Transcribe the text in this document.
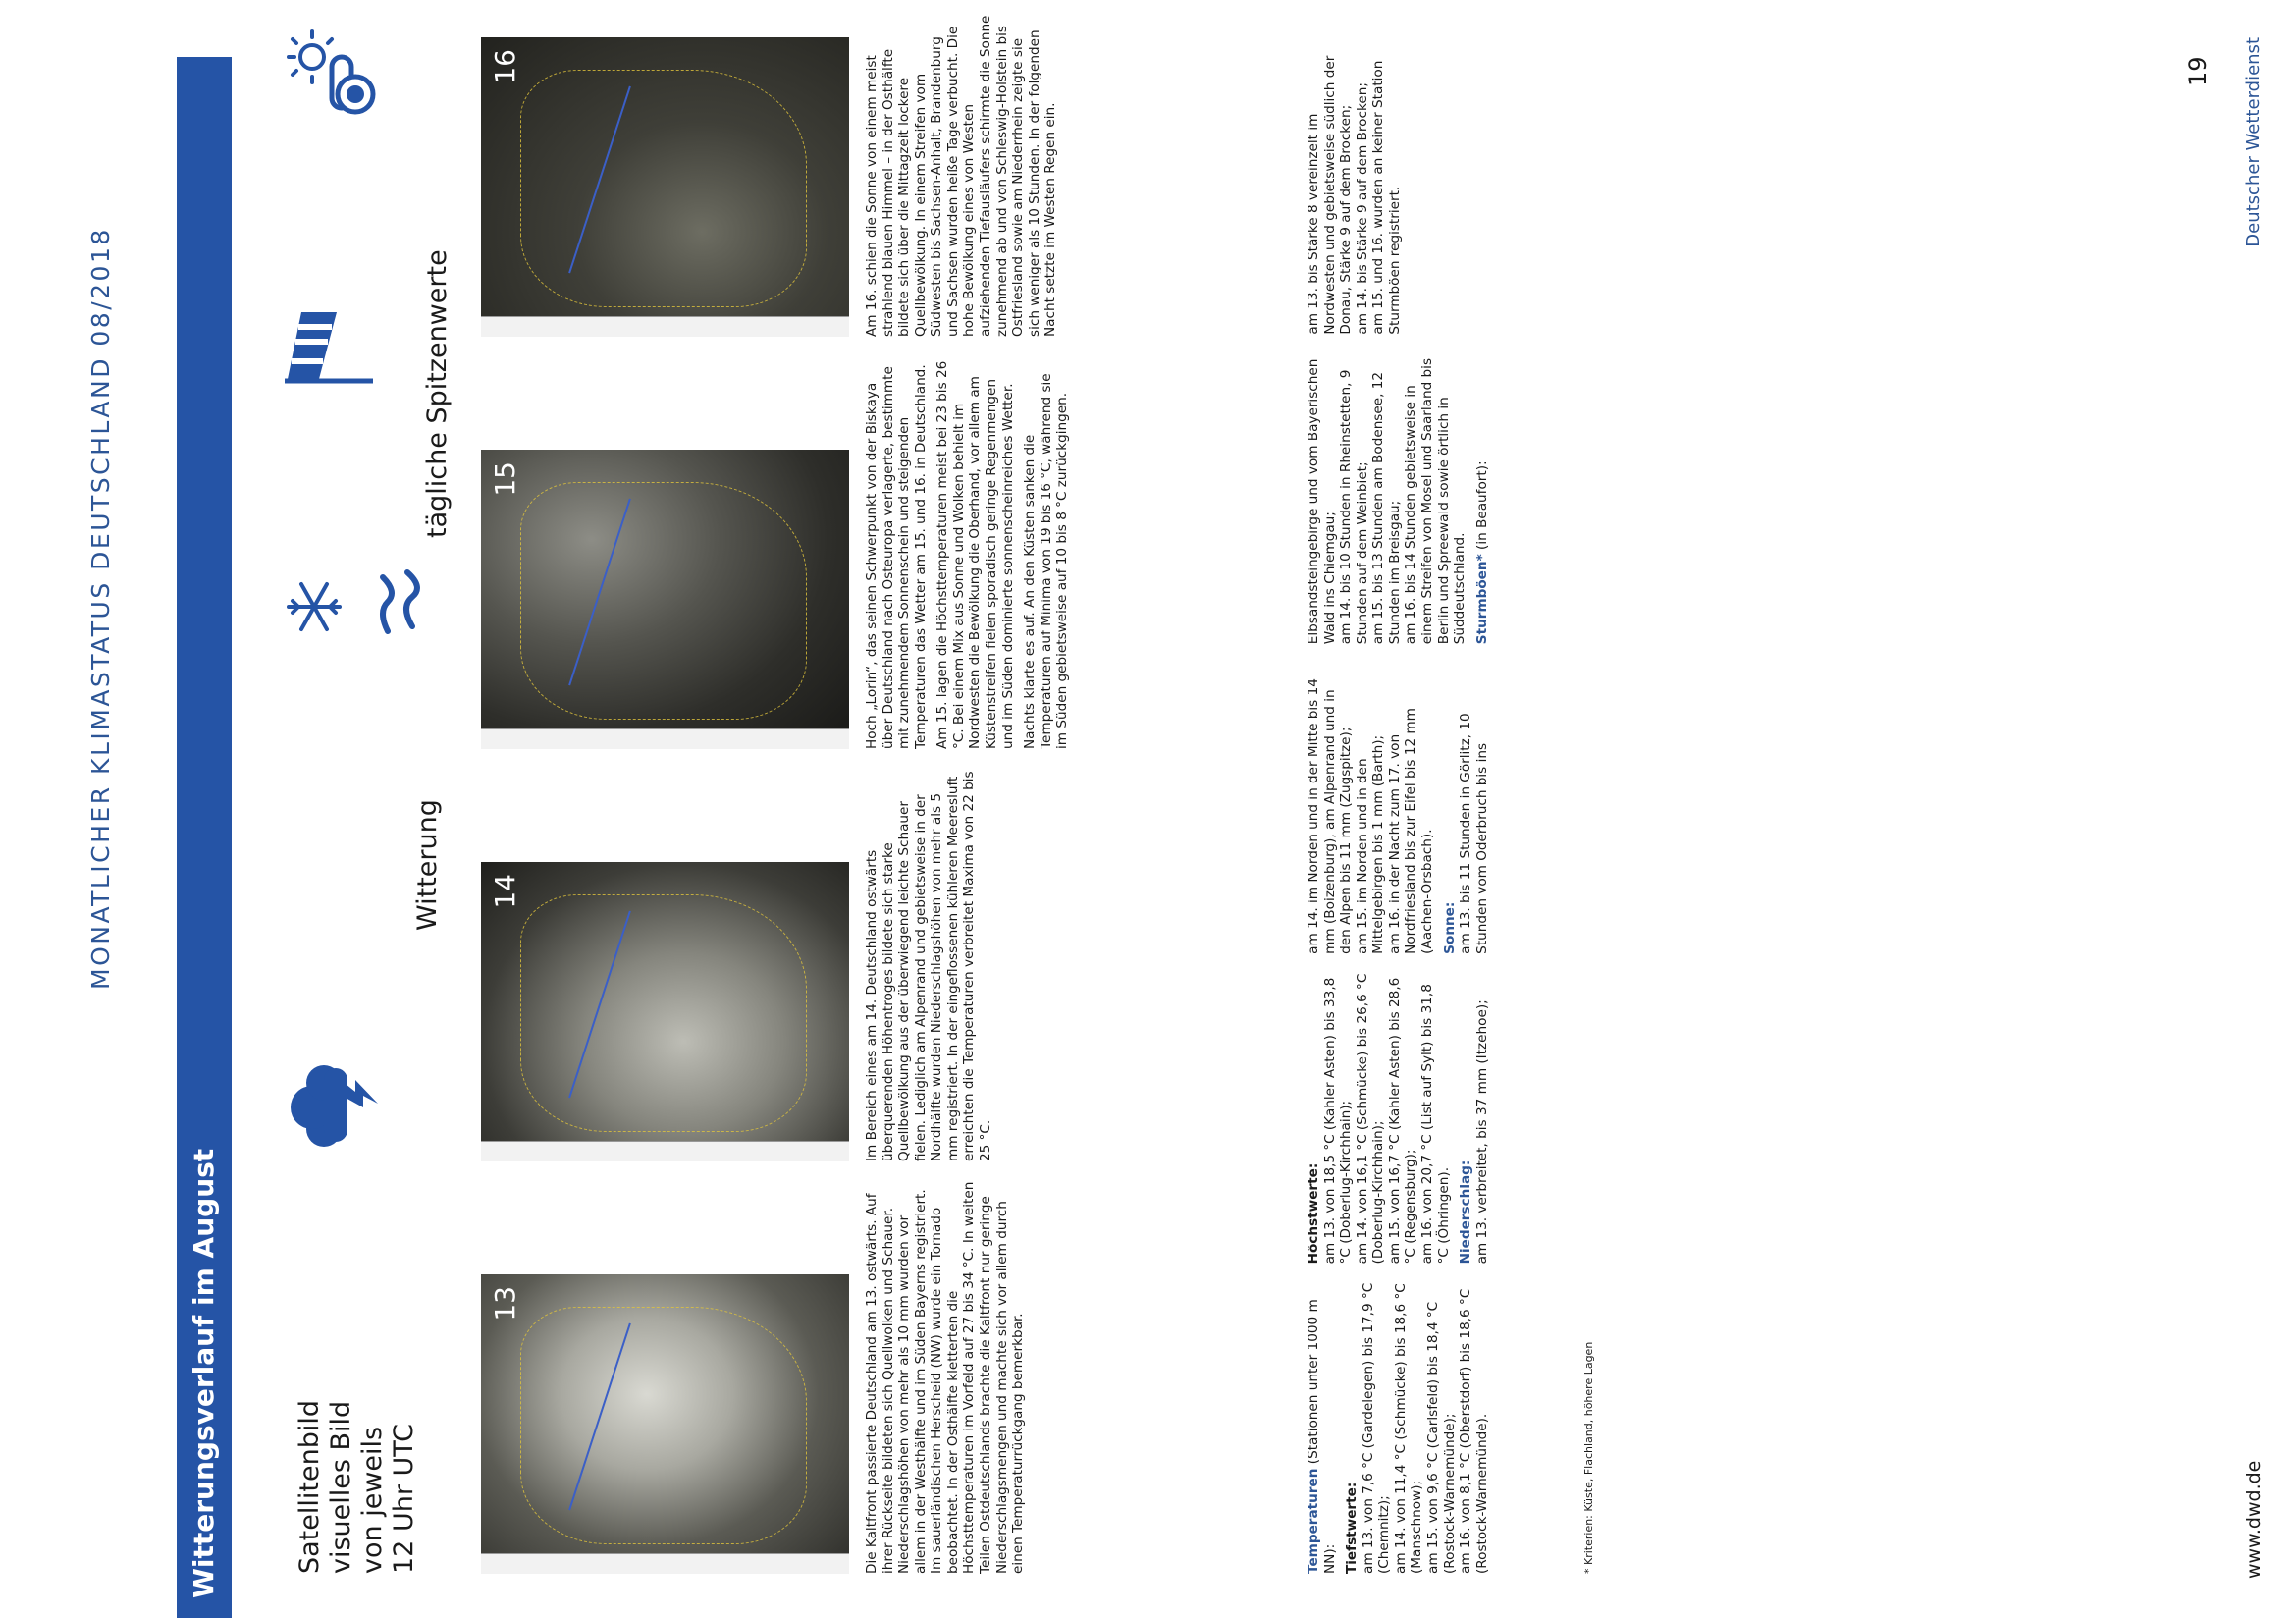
MONATLICHER KLIMASTATUS DEUTSCHLAND 08/2018
19
Witterungsverlauf im August	Satellitenbild visuelles Bild von jeweils 12 Uhr UTC
Witterung
tägliche Spitzenwerte
13
14
15
16
www.dwd.de
Deutscher Wetterdienst

Die Kaltfront passierte Deutschland am 13. ostwärts. Auf ihrer Rückseite bildeten sich Quellwolken und Schauer. Niederschlagshöhen von mehr als 10 mm wurden vor allem in der Westhälfte und im Süden Bayerns registriert. Im sauerländischen Herscheid (NW) wurde ein Tornado beobachtet. In der Osthälfte kletterten die Höchsttemperaturen im Vorfeld auf 27 bis 34 °C. In weiten Teilen Ostdeutschlands brachte die Kaltfront nur geringe Niederschlagsmengen und machte sich vor allem durch einen Temperaturrückgang bemerkbar.

Im Bereich eines am 14. Deutschland ostwärts überquerenden Höhentroges bildete sich starke Quellbewölkung aus der überwiegend leichte Schauer fielen. Lediglich am Alpenrand und gebietsweise in der Nordhälfte wurden Niederschlagshöhen von mehr als 5 mm registriert. In der eingeflossenen kühleren Meeresluft erreichten die Temperaturen verbreitet Maxima von 22 bis 25 °C.

Hoch „Lorin“, das seinen Schwerpunkt von der Biskaya über Deutschland nach Osteuropa verlagerte, bestimmte mit zunehmendem Sonnenschein und steigenden Temperaturen das Wetter am 15. und 16. in Deutschland. Am 15. lagen die Höchsttemperaturen meist bei 23 bis 26 °C. Bei einem Mix aus Sonne und Wolken behielt im Nordwesten die Bewölkung die Oberhand, vor allem am Küstenstreifen fielen sporadisch geringe Regenmengen und im Süden dominierte sonnenscheinreiches Wetter. Nachts klarte es auf. An den Küsten sanken die Temperaturen auf Minima von 19 bis 16 °C, während sie im Süden gebietsweise auf 10 bis 8 °C zurückgingen.

Am 16. schien die Sonne von einem meist strahlend blauen Himmel – in der Osthälfte bildete sich über die Mittagzeit lockere Quellbewölkung. In einem Streifen vom Südwesten bis Sachsen-Anhalt, Brandenburg und Sachsen wurden heiße Tage verbucht. Die hohe Bewölkung eines von Westen aufziehenden Tiefausläufers schirmte die Sonne zunehmend ab und von Schleswig-Holstein bis Ostfriesland sowie am Niederrhein zeigte sie sich weniger als 10 Stunden. In der folgenden Nacht setzte im Westen Regen ein.

Temperaturen (Stationen unter 1000 m NN): Tiefstwerte: am 13. von 7,6 °C (Gardelegen) bis 17,9 °C (Chemnitz); am 14. von 11,4 °C (Schmücke) bis 18,6 °C (Manschnow); am 15. von 9,6 °C (Carlsfeld) bis 18,4 °C (Rostock-Warnemünde); am 16. von 8,1 °C (Oberstdorf) bis 18,6 °C (Rostock-Warnemünde).
Höchstwerte: am 13. von 18,5 °C (Kahler Asten) bis 33,8 °C (Doberlug-Kirchhain); am 14. von 16,1 °C (Schmücke) bis 26,6 °C (Doberlug-Kirchhain); am 15. von 16,7 °C (Kahler Asten) bis 28,6 °C (Regensburg); am 16. von 20,7 °C (List auf Sylt) bis 31,8 °C (Öhringen). Niederschlag: am 13. verbreitet, bis 37 mm (Itzehoe);
am 14. im Norden und in der Mitte bis 14 mm (Boizenburg), am Alpenrand und in den Alpen bis 11 mm (Zugspitze); am 15. im Norden und in den Mittelgebirgen bis 1 mm (Barth); am 16. in der Nacht zum 17. von Nordfriesland bis zur Eifel bis 12 mm (Aachen-Orsbach). Sonne: am 13. bis 11 Stunden in Görlitz, 10 Stunden vom Oderbruch bis ins Elbsandsteingebirge und vom Bayerischen Wald ins Chiemgau; am 14. bis 10 Stunden in Rheinstetten, 9 Stunden auf dem Weinbiet; am 15. bis 13 Stunden am Bodensee, 12 Stunden im Breisgau; am 16. bis 14 Stunden gebietsweise in einem Streifen von Mosel und Saarland bis Berlin und Spreewald sowie örtlich in Süddeutschland. Sturmböen* (in Beaufort):
am 13. bis Stärke 8 vereinzelt im Nordwesten und gebietsweise südlich der Donau, Stärke 9 auf dem Brocken; am 14. bis Stärke 9 auf dem Brocken; am 15. und 16. wurden an keiner Station Sturmböen registriert.
* Kriterien: Küste, Flachland, höhere Lagen
